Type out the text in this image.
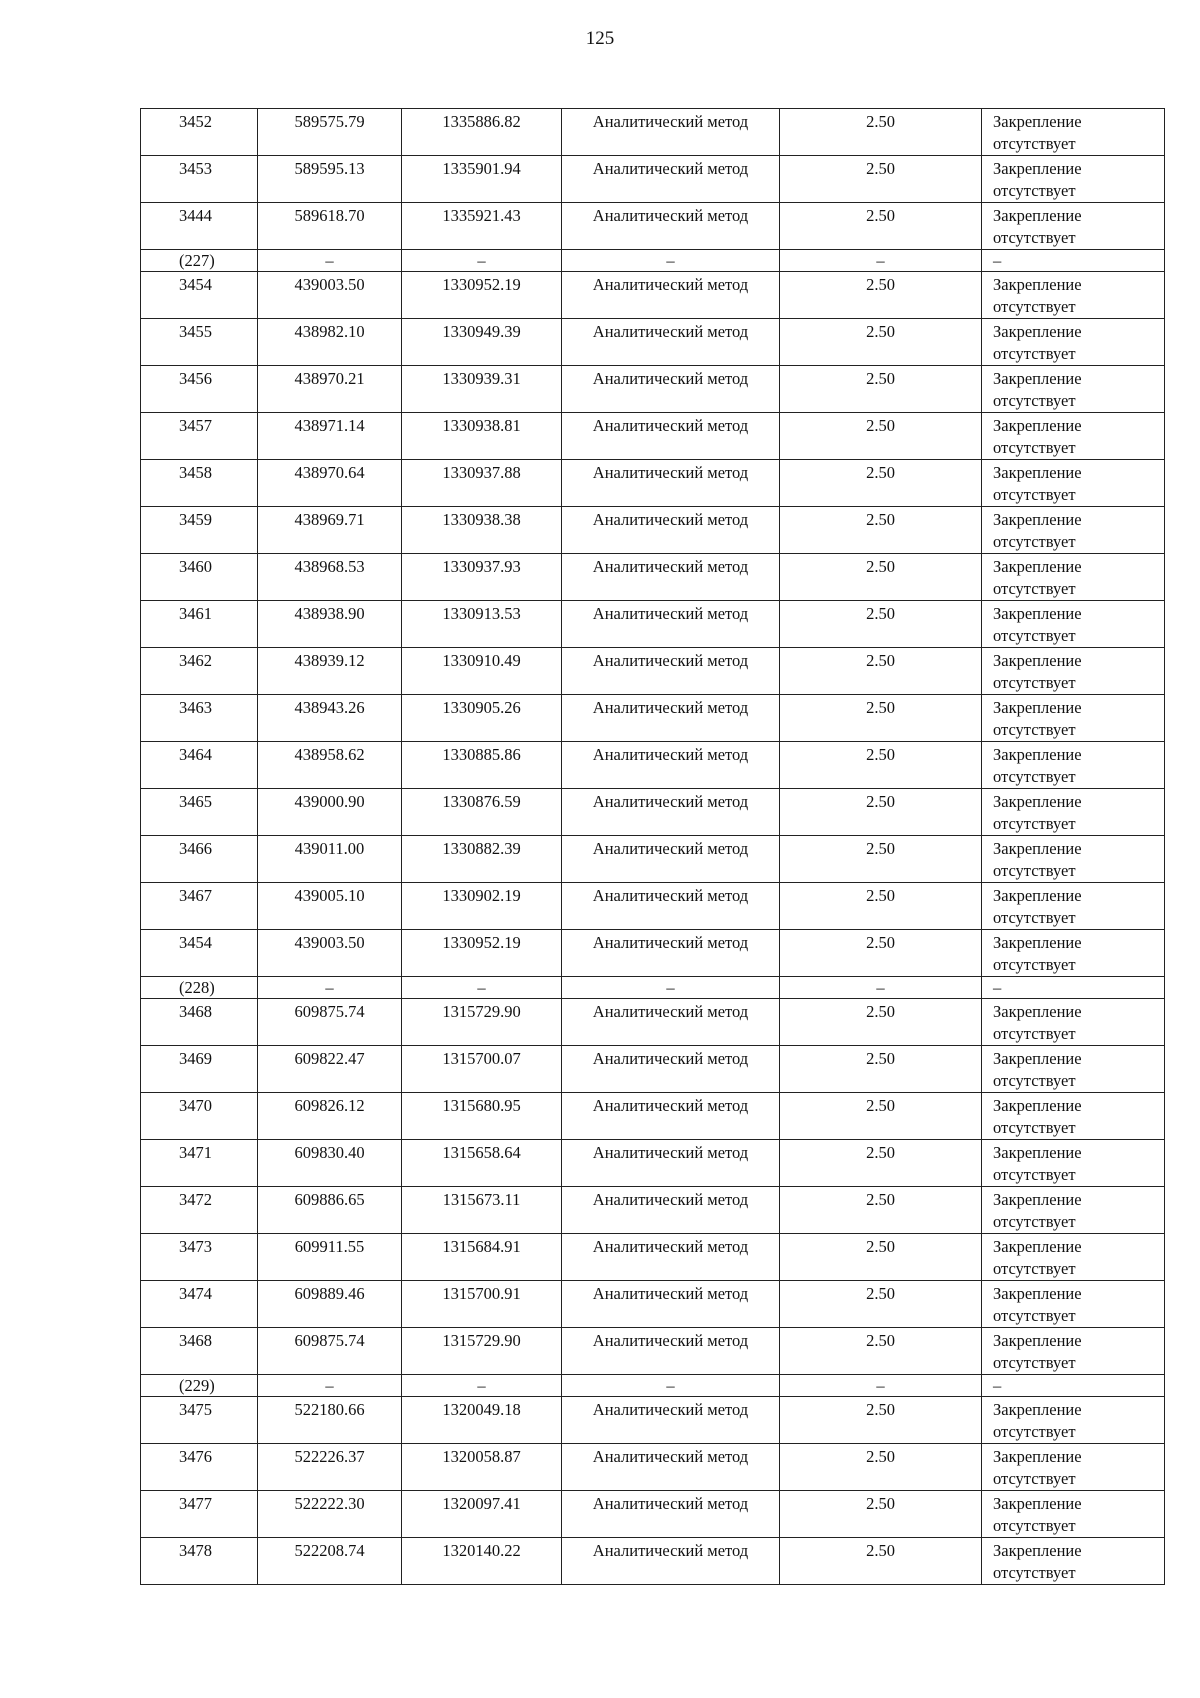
125
3452	589575.79	1335886.82	Аналитический метод	2.50	Закрепление отсутствует
3453	589595.13	1335901.94	Аналитический метод	2.50	Закрепление отсутствует
3444	589618.70	1335921.43	Аналитический метод	2.50	Закрепление отсутствует
(227)	–	–	–	–	–
3454	439003.50	1330952.19	Аналитический метод	2.50	Закрепление отсутствует
3455	438982.10	1330949.39	Аналитический метод	2.50	Закрепление отсутствует
3456	438970.21	1330939.31	Аналитический метод	2.50	Закрепление отсутствует
3457	438971.14	1330938.81	Аналитический метод	2.50	Закрепление отсутствует
3458	438970.64	1330937.88	Аналитический метод	2.50	Закрепление отсутствует
3459	438969.71	1330938.38	Аналитический метод	2.50	Закрепление отсутствует
3460	438968.53	1330937.93	Аналитический метод	2.50	Закрепление отсутствует
3461	438938.90	1330913.53	Аналитический метод	2.50	Закрепление отсутствует
3462	438939.12	1330910.49	Аналитический метод	2.50	Закрепление отсутствует
3463	438943.26	1330905.26	Аналитический метод	2.50	Закрепление отсутствует
3464	438958.62	1330885.86	Аналитический метод	2.50	Закрепление отсутствует
3465	439000.90	1330876.59	Аналитический метод	2.50	Закрепление отсутствует
3466	439011.00	1330882.39	Аналитический метод	2.50	Закрепление отсутствует
3467	439005.10	1330902.19	Аналитический метод	2.50	Закрепление отсутствует
3454	439003.50	1330952.19	Аналитический метод	2.50	Закрепление отсутствует
(228)	–	–	–	–	–
3468	609875.74	1315729.90	Аналитический метод	2.50	Закрепление отсутствует
3469	609822.47	1315700.07	Аналитический метод	2.50	Закрепление отсутствует
3470	609826.12	1315680.95	Аналитический метод	2.50	Закрепление отсутствует
3471	609830.40	1315658.64	Аналитический метод	2.50	Закрепление отсутствует
3472	609886.65	1315673.11	Аналитический метод	2.50	Закрепление отсутствует
3473	609911.55	1315684.91	Аналитический метод	2.50	Закрепление отсутствует
3474	609889.46	1315700.91	Аналитический метод	2.50	Закрепление отсутствует
3468	609875.74	1315729.90	Аналитический метод	2.50	Закрепление отсутствует
(229)	–	–	–	–	–
3475	522180.66	1320049.18	Аналитический метод	2.50	Закрепление отсутствует
3476	522226.37	1320058.87	Аналитический метод	2.50	Закрепление отсутствует
3477	522222.30	1320097.41	Аналитический метод	2.50	Закрепление отсутствует
3478	522208.74	1320140.22	Аналитический метод	2.50	Закрепление отсутствует
